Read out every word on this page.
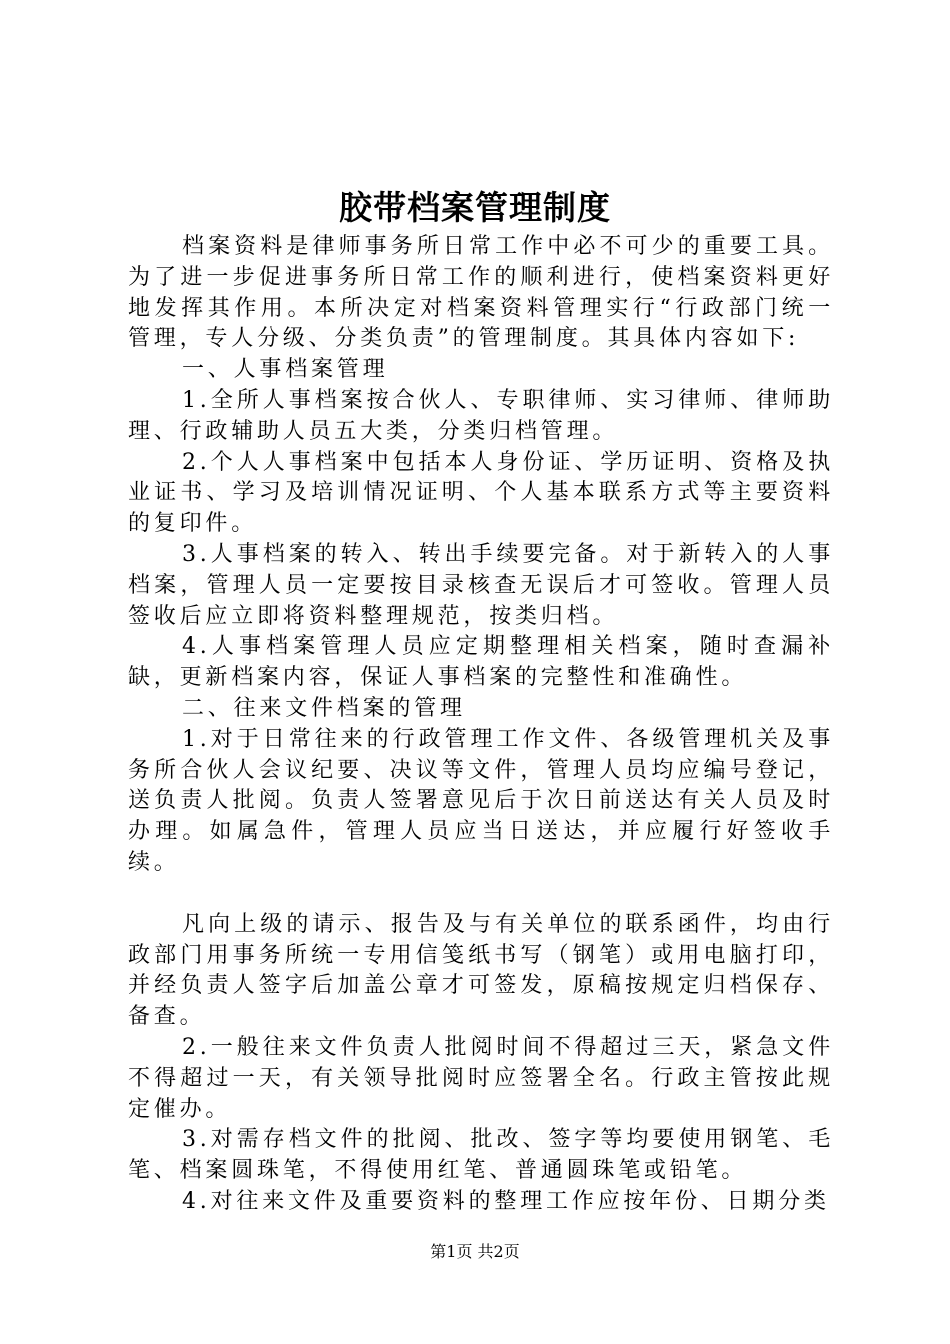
胶带档案管理制度

档案资料是律师事务所日常工作中必不可少的重要工具。为了进一步促进事务所日常工作的顺利进行，使档案资料更好地发挥其作用。本所决定对档案资料管理实行“行政部门统一管理，专人分级、分类负责”的管理制度。其具体内容如下:

一、人事档案管理

1.全所人事档案按合伙人、专职律师、实习律师、律师助理、行政辅助人员五大类，分类归档管理。

2.个人人事档案中包括本人身份证、学历证明、资格及执业证书、学习及培训情况证明、个人基本联系方式等主要资料的复印件。

3.人事档案的转入、转出手续要完备。对于新转入的人事档案，管理人员一定要按目录核查无误后才可签收。管理人员签收后应立即将资料整理规范，按类归档。

4.人事档案管理人员应定期整理相关档案，随时查漏补缺，更新档案内容，保证人事档案的完整性和准确性。

二、往来文件档案的管理

1.对于日常往来的行政管理工作文件、各级管理机关及事务所合伙人会议纪要、决议等文件，管理人员均应编号登记，送负责人批阅。负责人签署意见后于次日前送达有关人员及时办理。如属急件，管理人员应当日送达，并应履行好签收手续。

凡向上级的请示、报告及与有关单位的联系函件，均由行政部门用事务所统一专用信笺纸书写（钢笔）或用电脑打印，并经负责人签字后加盖公章才可签发，原稿按规定归档保存、备查。

2.一般往来文件负责人批阅时间不得超过三天，紧急文件不得超过一天，有关领导批阅时应签署全名。行政主管按此规定催办。

3.对需存档文件的批阅、批改、签字等均要使用钢笔、毛笔、档案圆珠笔，不得使用红笔、普通圆珠笔或铅笔。

4.对往来文件及重要资料的整理工作应按年份、日期分类

第1页 共2页
